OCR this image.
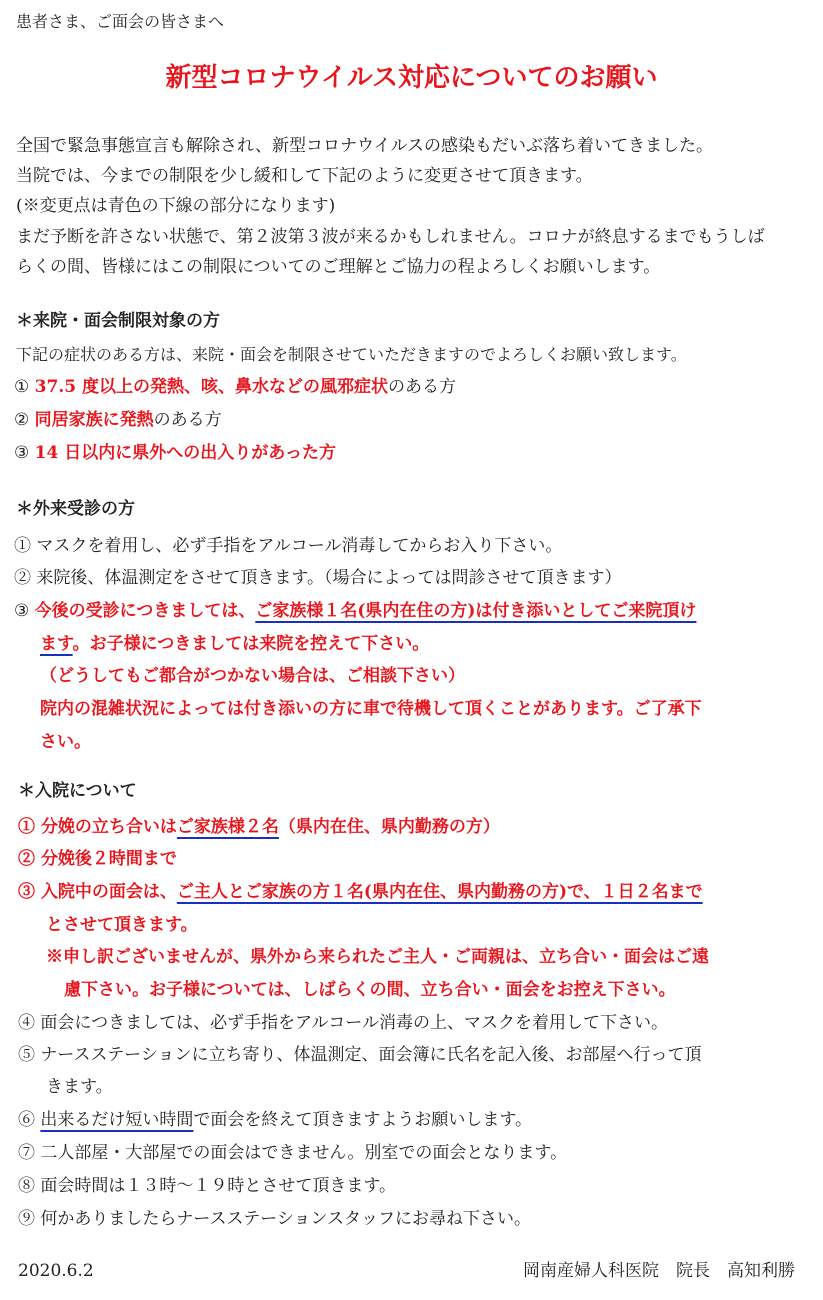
患者さま、ご面会の皆さまへ
新型コロナウイルス対応についてのお願い
全国で緊急事態宣言も解除され、新型コロナウイルスの感染もだいぶ落ち着いてきました。
当院では、今までの制限を少し緩和して下記のように変更させて頂きます。
(※変更点は青色の下線の部分になります)
まだ予断を許さない状態で、第２波第３波が来るかもしれません。コロナが終息するまでもうしば
らくの間、皆様にはこの制限についてのご理解とご協力の程よろしくお願いします。
＊来院・面会制限対象の方
下記の症状のある方は、来院・面会を制限させていただきますのでよろしくお願い致します。
① 37.5 度以上の発熱、咳、鼻水などの風邪症状のある方
② 同居家族に発熱のある方
③ 14 日以内に県外への出入りがあった方
＊外来受診の方
① マスクを着用し、必ず手指をアルコール消毒してからお入り下さい。
② 来院後、体温測定をさせて頂きます。（場合によっては問診させて頂きます）
③ 今後の受診につきましては、ご家族様１名(県内在住の方)は付き添いとしてご来院頂け
ます。お子様につきましては来院を控えて下さい。
（どうしてもご都合がつかない場合は、ご相談下さい）
院内の混雑状況によっては付き添いの方に車で待機して頂くことがあります。ご了承下
さい。
＊入院について
① 分娩の立ち合いはご家族様２名（県内在住、県内勤務の方）
② 分娩後２時間まで
③ 入院中の面会は、ご主人とご家族の方１名(県内在住、県内勤務の方)で、１日２名まで
とさせて頂きます。
※申し訳ございませんが、県外から来られたご主人・ご両親は、立ち合い・面会はご遠
慮下さい。お子様については、しばらくの間、立ち合い・面会をお控え下さい。
④ 面会につきましては、必ず手指をアルコール消毒の上、マスクを着用して下さい。
⑤ ナースステーションに立ち寄り、体温測定、面会簿に氏名を記入後、お部屋へ行って頂
きます。
⑥ 出来るだけ短い時間で面会を終えて頂きますようお願いします。
⑦ 二人部屋・大部屋での面会はできません。別室での面会となります。
⑧ 面会時間は１３時～１９時とさせて頂きます。
⑨ 何かありましたらナースステーションスタッフにお尋ね下さい。
2020.6.2	岡南産婦人科医院　院長　高知利勝
